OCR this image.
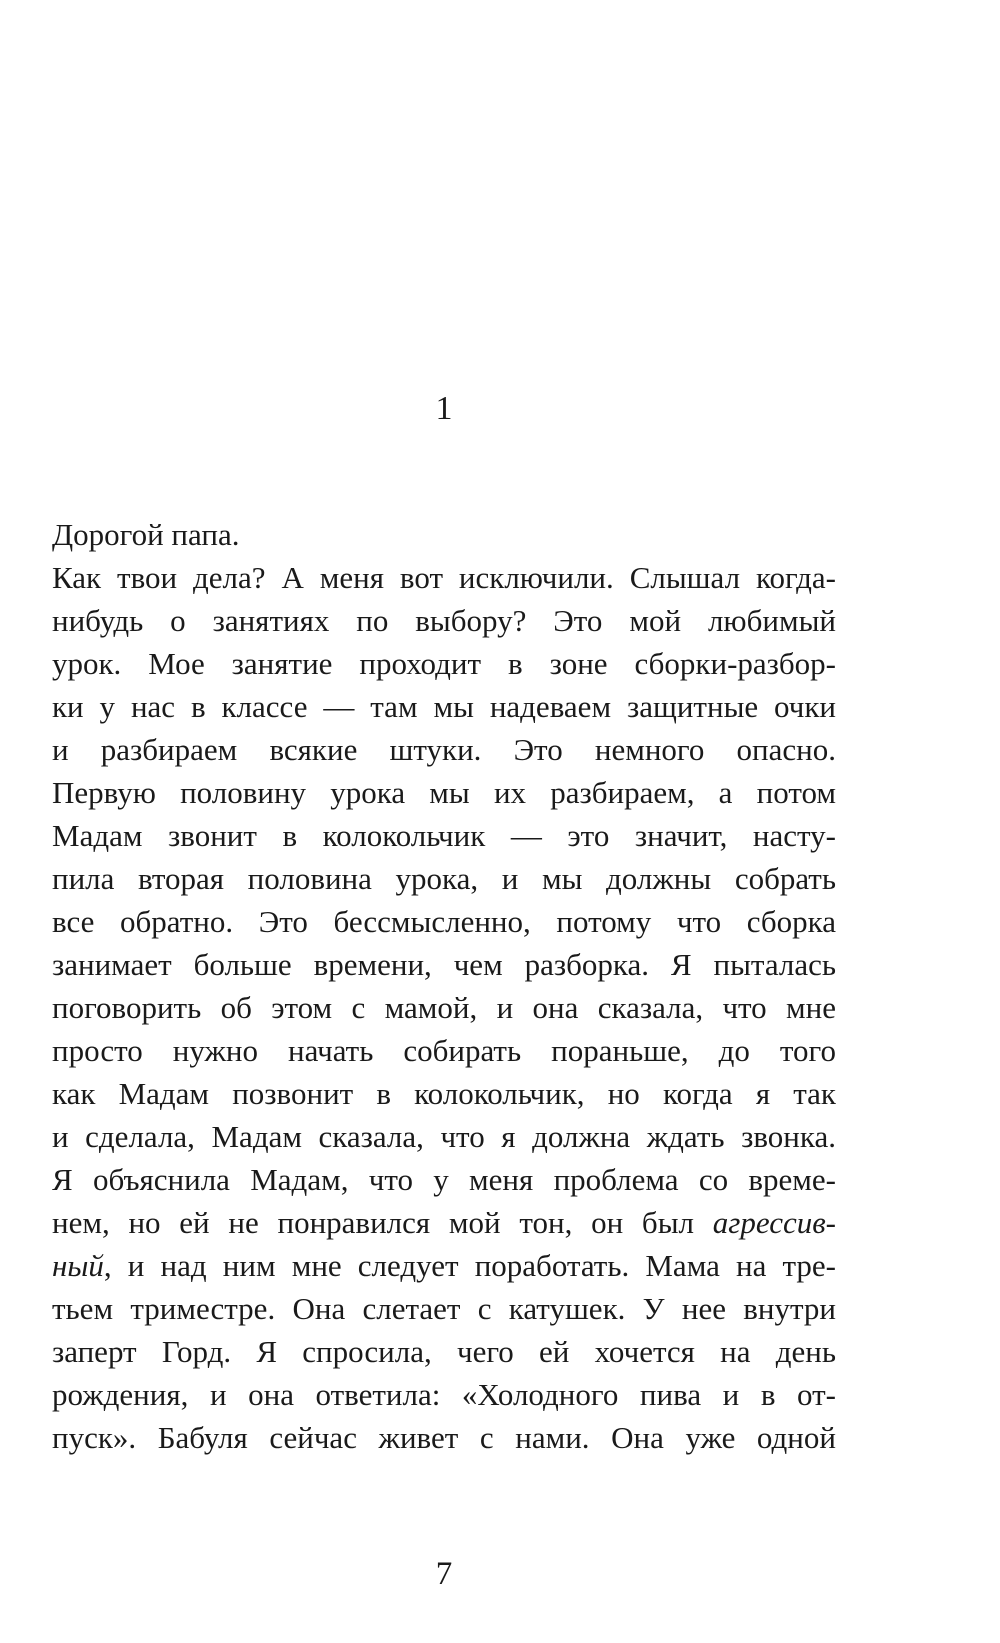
1
Дорогой папа.
Как твои дела? А меня вот исключили. Слышал когда-
нибудь о занятиях по выбору? Это мой любимый
урок. Мое занятие проходит в зоне сборки-разбор-
ки у нас в классе — там мы надеваем защитные очки
и разбираем всякие штуки. Это немного опасно.
Первую половину урока мы их разбираем, а потом
Мадам звонит в колокольчик — это значит, насту-
пила вторая половина урока, и мы должны собрать
все обратно. Это бессмысленно, потому что сборка
занимает больше времени, чем разборка. Я пыталась
поговорить об этом с мамой, и она сказала, что мне
просто нужно начать собирать пораньше, до того
как Мадам позвонит в колокольчик, но когда я так
и сделала, Мадам сказала, что я должна ждать звонка.
Я объяснила Мадам, что у меня проблема со време-
нем, но ей не понравился мой тон, он был агрессив-
ный, и над ним мне следует поработать. Мама на тре-
тьем триместре. Она слетает с катушек. У нее внутри
заперт Горд. Я спросила, чего ей хочется на день
рождения, и она ответила: «Холодного пива и в от-
пуск». Бабуля сейчас живет с нами. Она уже одной
7
